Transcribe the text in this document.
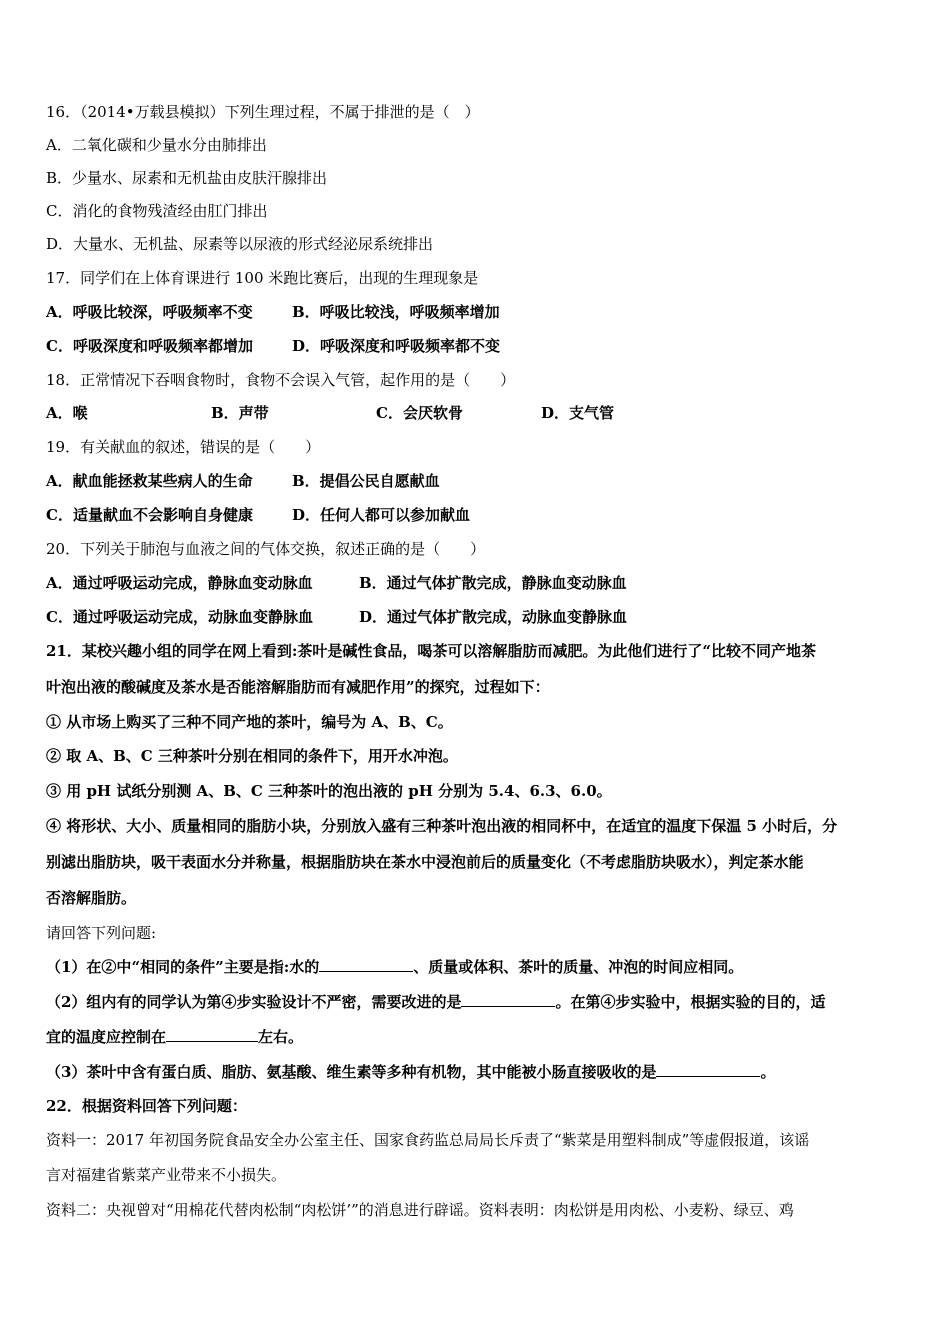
16．（2014•万载县模拟）下列生理过程，不属于排泄的是（　）
A．二氧化碳和少量水分由肺排出
B．少量水、尿素和无机盐由皮肤汗腺排出
C．消化的食物残渣经由肛门排出
D．大量水、无机盐、尿素等以尿液的形式经泌尿系统排出
17．同学们在上体育课进行 100 米跑比赛后，出现的生理现象是
A．呼吸比较深，呼吸频率不变	B．呼吸比较浅，呼吸频率增加
C．呼吸深度和呼吸频率都增加	D．呼吸深度和呼吸频率都不变
18．正常情况下吞咽食物时，食物不会误入气管，起作用的是（　　）
A．喉	B．声带	C．会厌软骨	D．支气管
19．有关献血的叙述，错误的是（　　）
A．献血能拯救某些病人的生命	B．提倡公民自愿献血
C．适量献血不会影响自身健康	D．任何人都可以参加献血
20．下列关于肺泡与血液之间的气体交换，叙述正确的是（　　）
A．通过呼吸运动完成，静脉血变动脉血	B．通过气体扩散完成，静脉血变动脉血
C．通过呼吸运动完成，动脉血变静脉血	D．通过气体扩散完成，动脉血变静脉血
21．某校兴趣小组的同学在网上看到:茶叶是碱性食品，喝茶可以溶解脂肪而减肥。为此他们进行了“比较不同产地茶
叶泡出液的酸碱度及茶水是否能溶解脂肪而有减肥作用”的探究，过程如下：
① 从市场上购买了三种不同产地的茶叶，编号为 A、B、C。
② 取 A、B、C 三种茶叶分别在相同的条件下，用开水冲泡。
③ 用 pH 试纸分别测 A、B、C 三种茶叶的泡出液的 pH 分别为 5.4、6.3、6.0。
④ 将形状、大小、质量相同的脂肪小块，分别放入盛有三种茶叶泡出液的相同杯中，在适宜的温度下保温 5 小时后，分
别滤出脂肪块，吸干表面水分并称量，根据脂肪块在茶水中浸泡前后的质量变化（不考虑脂肪块吸水），判定茶水能
否溶解脂肪。
请回答下列问题:
（1）在②中“相同的条件”主要是指:水的	、质量或体积、茶叶的质量、冲泡的时间应相同。
（2）组内有的同学认为第④步实验设计不严密，需要改进的是	。在第④步实验中，根据实验的目的，适
宜的温度应控制在	左右。
（3）茶叶中含有蛋白质、脂肪、氨基酸、维生素等多种有机物，其中能被小肠直接吸收的是	。
22．根据资料回答下列问题：
资料一：2017 年初国务院食品安全办公室主任、国家食药监总局局长斥责了“紫菜是用塑料制成”等虚假报道，该谣
言对福建省紫菜产业带来不小损失。
资料二：央视曾对“用棉花代替肉松制“肉松饼’”的消息进行辟谣。资料表明：肉松饼是用肉松、小麦粉、绿豆、鸡
